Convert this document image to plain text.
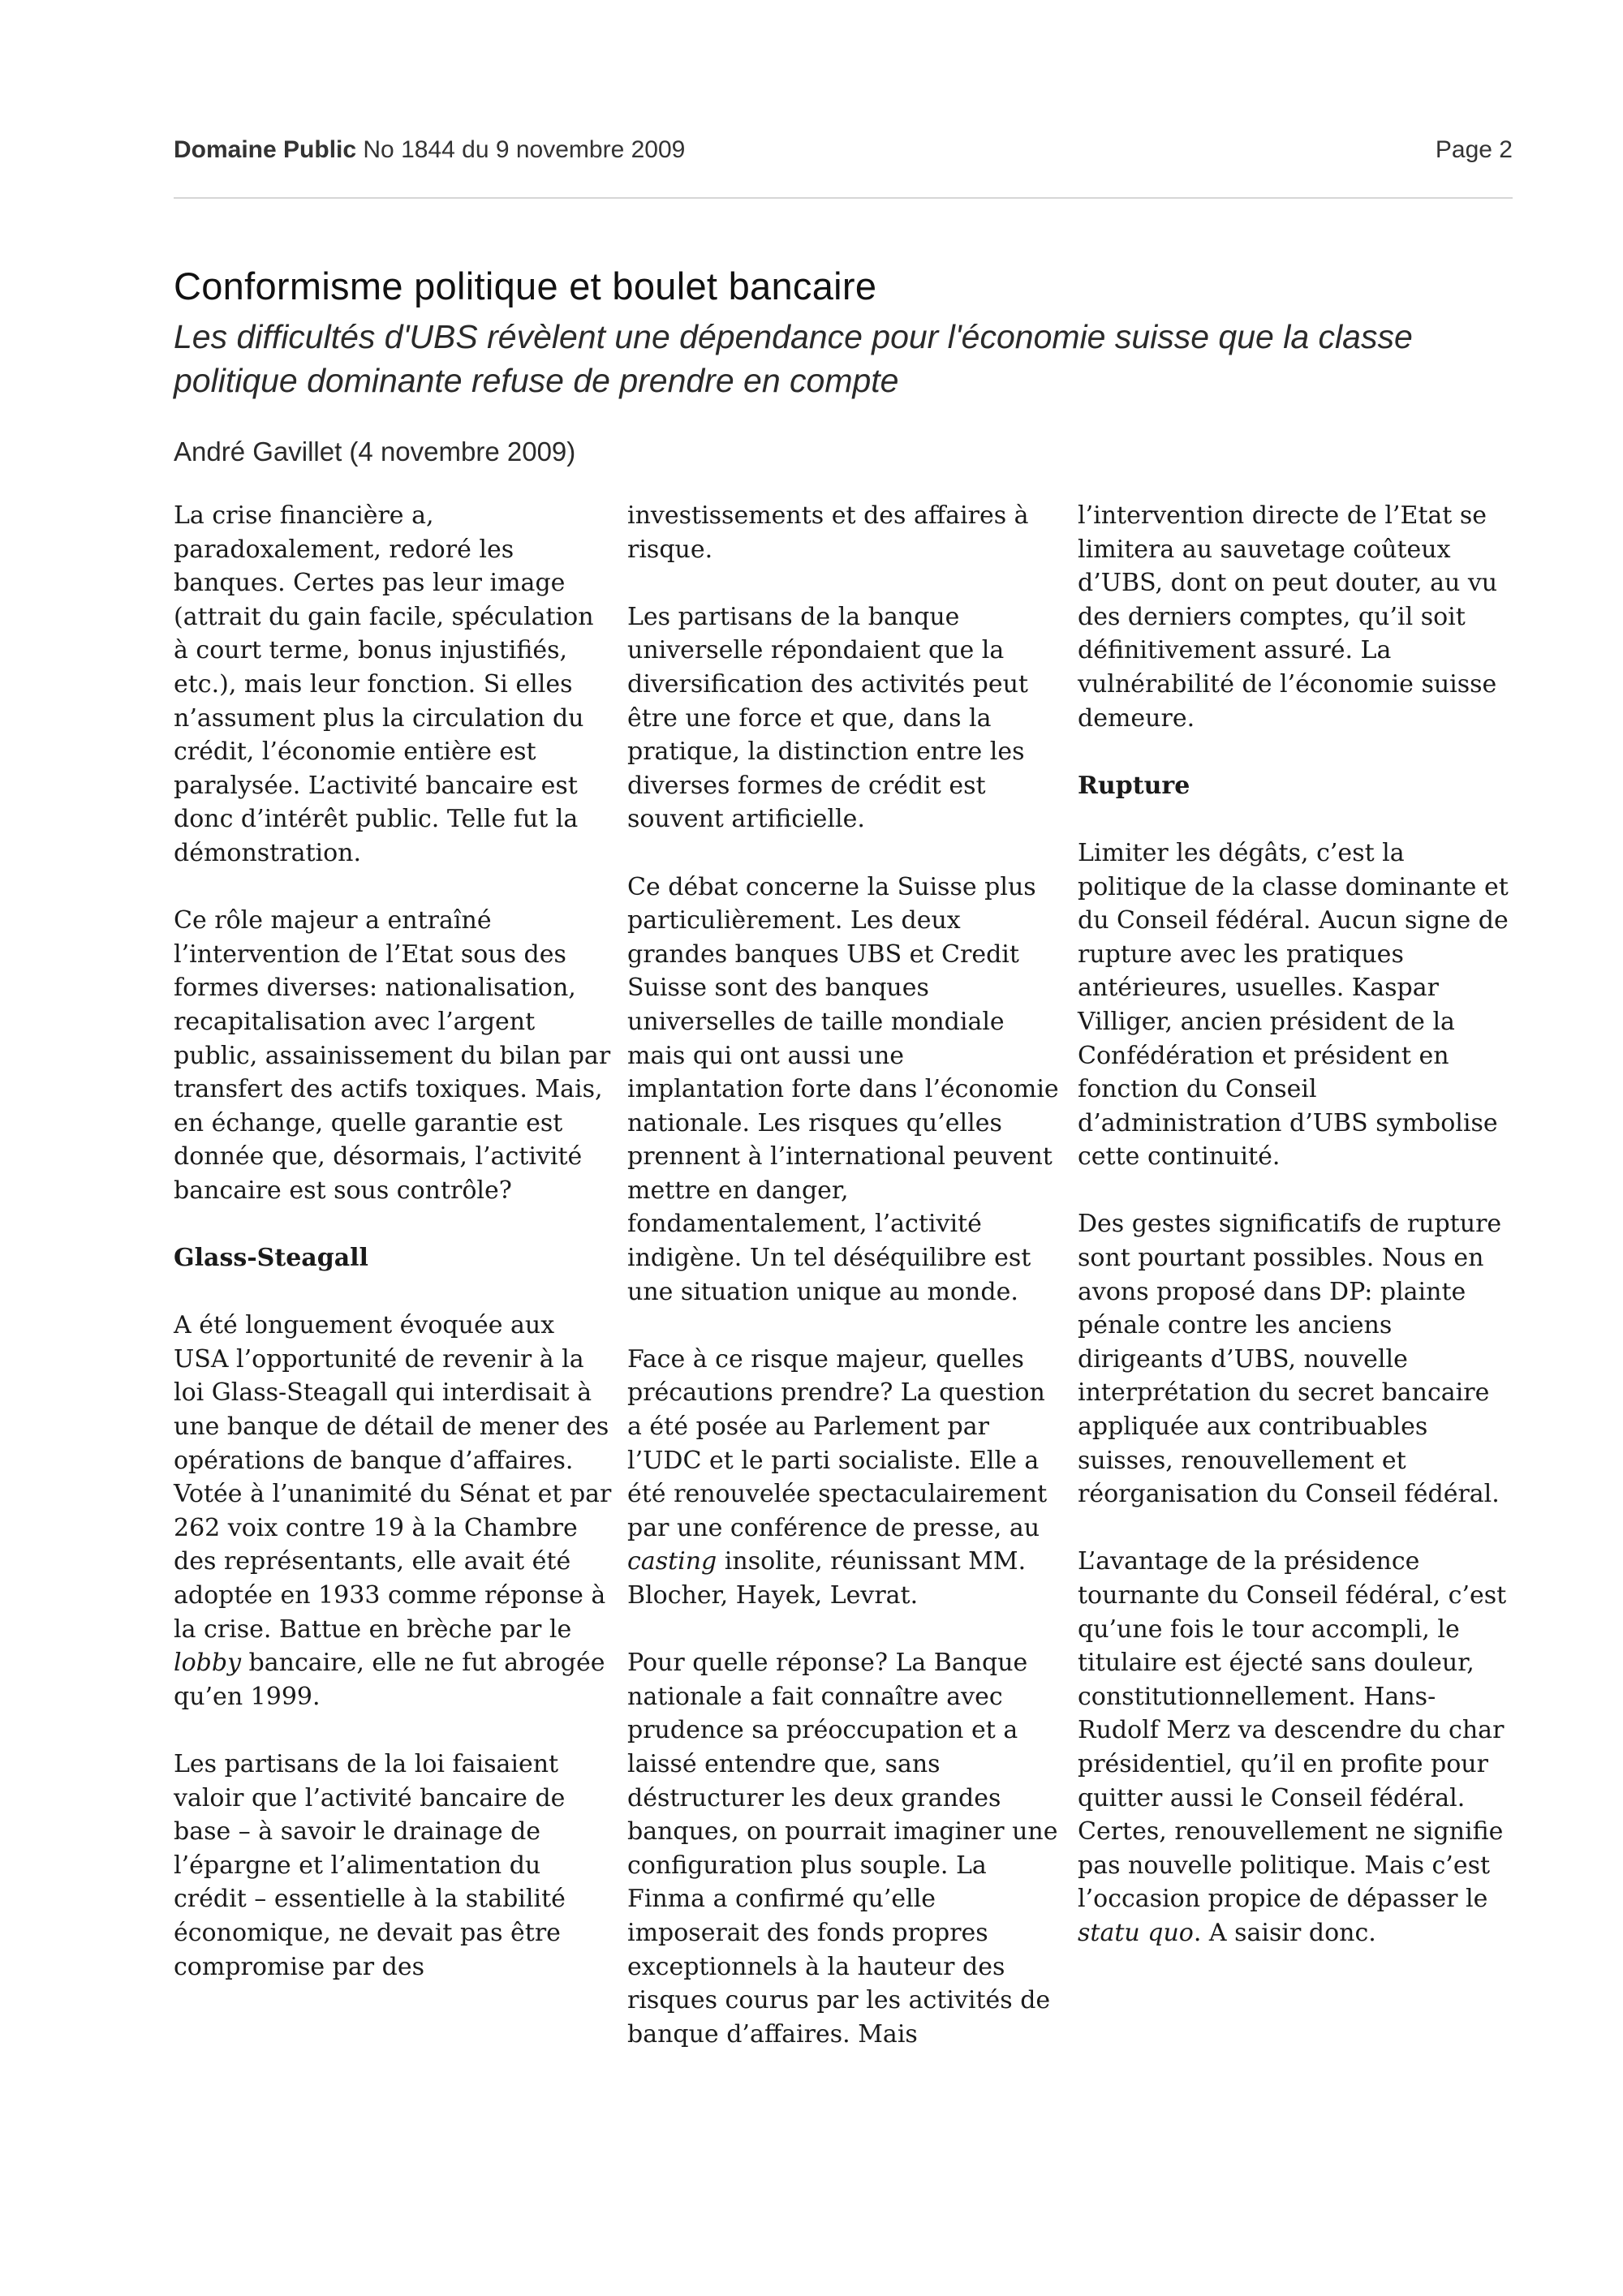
Domaine Public No 1844 du 9 novembre 2009	Page 2
Conformisme politique et boulet bancaire

Les difficultés d'UBS révèlent une dépendance pour l'économie suisse que la classe politique dominante refuse de prendre en compte

André Gavillet (4 novembre 2009)

La crise financière a, paradoxalement, redoré les banques. Certes pas leur image (attrait du gain facile, spéculation à court terme, bonus injustifiés, etc.), mais leur fonction. Si elles n’assument plus la circulation du crédit, l’économie entière est paralysée. L’activité bancaire est donc d’intérêt public. Telle fut la démonstration.

Ce rôle majeur a entraîné l’intervention de l’Etat sous des formes diverses: nationalisation, recapitalisation avec l’argent public, assainissement du bilan par transfert des actifs toxiques. Mais, en échange, quelle garantie est donnée que, désormais, l’activité bancaire est sous contrôle?

Glass-Steagall

A été longuement évoquée aux USA l’opportunité de revenir à la loi Glass-Steagall qui interdisait à une banque de détail de mener des opérations de banque d’affaires. Votée à l’unanimité du Sénat et par 262 voix contre 19 à la Chambre des représentants, elle avait été adoptée en 1933 comme réponse à la crise. Battue en brèche par le lobby bancaire, elle ne fut abrogée qu’en 1999.

Les partisans de la loi faisaient valoir que l’activité bancaire de base – à savoir le drainage de l’épargne et l’alimentation du crédit – essentielle à la stabilité économique, ne devait pas être compromise par des

investissements et des affaires à risque.

Les partisans de la banque universelle répondaient que la diversification des activités peut être une force et que, dans la pratique, la distinction entre les diverses formes de crédit est souvent artificielle.

Ce débat concerne la Suisse plus particulièrement. Les deux grandes banques UBS et Credit Suisse sont des banques universelles de taille mondiale mais qui ont aussi une implantation forte dans l’économie nationale. Les risques qu’elles prennent à l’international peuvent mettre en danger, fondamentalement, l’activité indigène. Un tel déséquilibre est une situation unique au monde.

Face à ce risque majeur, quelles précautions prendre? La question a été posée au Parlement par l’UDC et le parti socialiste. Elle a été renouvelée spectaculairement par une conférence de presse, au casting insolite, réunissant MM. Blocher, Hayek, Levrat.

Pour quelle réponse? La Banque nationale a fait connaître avec prudence sa préoccupation et a laissé entendre que, sans déstructurer les deux grandes banques, on pourrait imaginer une configuration plus souple. La Finma a confirmé qu’elle imposerait des fonds propres exceptionnels à la hauteur des risques courus par les activités de banque d’affaires. Mais

l’intervention directe de l’Etat se limitera au sauvetage coûteux d’UBS, dont on peut douter, au vu des derniers comptes, qu’il soit définitivement assuré. La vulnérabilité de l’économie suisse demeure.

Rupture

Limiter les dégâts, c’est la politique de la classe dominante et du Conseil fédéral. Aucun signe de rupture avec les pratiques antérieures, usuelles. Kaspar Villiger, ancien président de la Confédération et président en fonction du Conseil d’administration d’UBS symbolise cette continuité.

Des gestes significatifs de rupture sont pourtant possibles. Nous en avons proposé dans DP: plainte pénale contre les anciens dirigeants d’UBS, nouvelle interprétation du secret bancaire appliquée aux contribuables suisses, renouvellement et réorganisation du Conseil fédéral.

L’avantage de la présidence tournante du Conseil fédéral, c’est qu’une fois le tour accompli, le titulaire est éjecté sans douleur, constitutionnellement. Hans-Rudolf Merz va descendre du char présidentiel, qu’il en profite pour quitter aussi le Conseil fédéral. Certes, renouvellement ne signifie pas nouvelle politique. Mais c’est l’occasion propice de dépasser le statu quo. A saisir donc.
